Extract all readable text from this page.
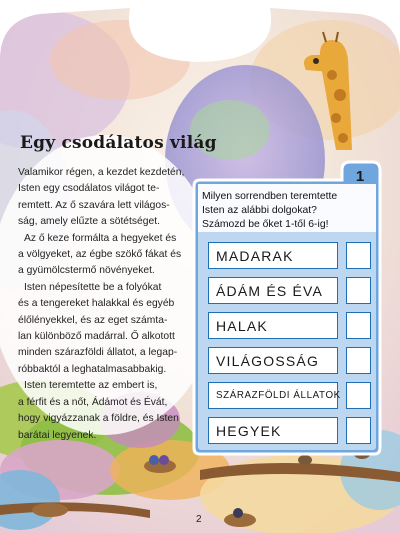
Egy csodálatos világ

Valamikor régen, a kezdet kezdetén,
Isten egy csodálatos világot te-
remtett. Az ő szavára lett világos-
ság, amely elűzte a sötétséget.

Az ő keze formálta a hegyeket és
a völgyeket, az égbe szökő fákat és
a gyümölcstermő növényeket.

Isten népesítette be a folyókat
és a tengereket halakkal és egyéb
élőlényekkel, és az eget számta-
lan különböző madárral. Ő alkotott
minden szárazföldi állatot, a legap-
róbbaktól a leghatalmasabbakig.

Isten teremtette az embert is,
a férfit és a nőt, Ádámot és Évát,
hogy vigyázzanak a földre, és Isten
barátai legyenek.

1
Milyen sorrendben teremtette
Isten az alábbi dolgokat?
Számozd be őket 1-től 6-ig!
MADARAK
ÁDÁM ÉS ÉVA
HALAK
VILÁGOSSÁG
SZÁRAZFÖLDI ÁLLATOK
HEGYEK
2
